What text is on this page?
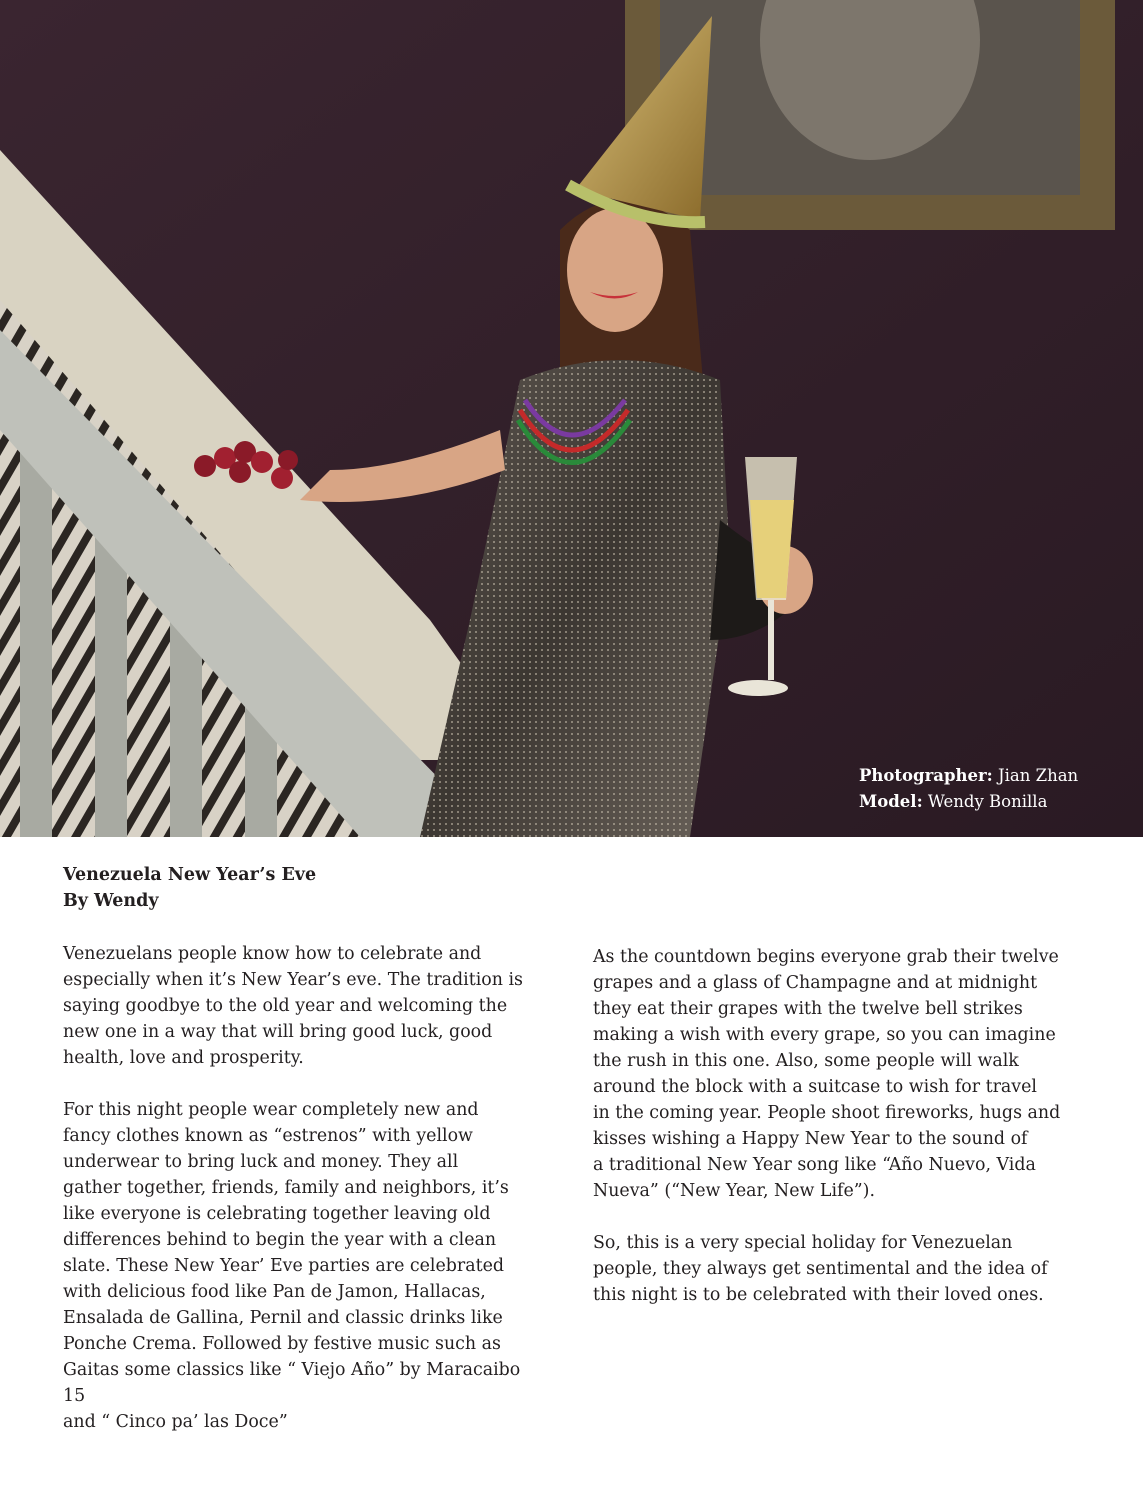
Photographer: Jian Zhan
Model: Wendy Bonilla
Venezuela New Year’s Eve
By Wendy

Venezuelans people know how to celebrate and
especially when it’s New Year’s eve. The tradition is
saying goodbye to the old year and welcoming the
new one in a way that will bring good luck, good
health, love and prosperity.

For this night people wear completely new and
fancy clothes known as “estrenos” with yellow
underwear to bring luck and money. They all
gather together, friends, family and neighbors, it’s
like everyone is celebrating together leaving old
differences behind to begin the year with a clean
slate. These New Year’ Eve parties are celebrated
with delicious food like Pan de Jamon, Hallacas,
Ensalada de Gallina, Pernil and classic drinks like
Ponche Crema. Followed by festive music such as
Gaitas some classics like “ Viejo Año” by Maracaibo 15
and “ Cinco pa’ las Doce”

As the countdown begins everyone grab their twelve
grapes and a glass of Champagne and at midnight
they eat their grapes with the twelve bell strikes
making a wish with every grape, so you can imagine
the rush in this one. Also, some people will walk
around the block with a suitcase to wish for travel
in the coming year. People shoot fireworks, hugs and
kisses wishing a Happy New Year to the sound of
a traditional New Year song like “Año Nuevo, Vida
Nueva” (“New Year, New Life”).

So, this is a very special holiday for Venezuelan
people, they always get sentimental and the idea of
this night is to be celebrated with their loved ones.
